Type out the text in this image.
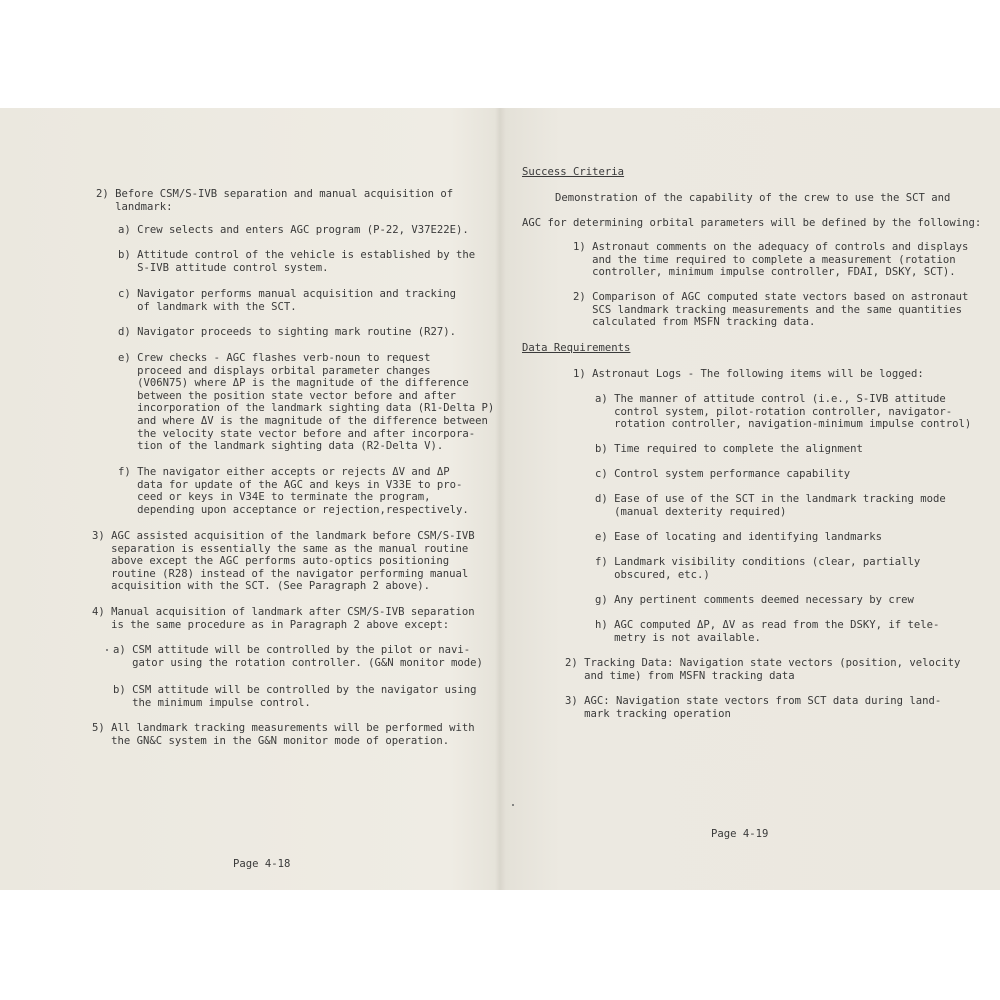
2) Before CSM/S-IVB separation and manual acquisition of
landmark:
a) Crew selects and enters AGC program (P-22, V37E22E).
b) Attitude control of the vehicle is established by the
S-IVB attitude control system.
c) Navigator performs manual acquisition and tracking
of landmark with the SCT.
d) Navigator proceeds to sighting mark routine (R27).
e) Crew checks - AGC flashes verb-noun to request
proceed and displays orbital parameter changes
(V06N75) where ΔP is the magnitude of the difference
between the position state vector before and after
incorporation of the landmark sighting data (R1-Delta P)
and where ΔV is the magnitude of the difference between
the velocity state vector before and after incorpora-
tion of the landmark sighting data (R2-Delta V).
f) The navigator either accepts or rejects ΔV and ΔP
data for update of the AGC and keys in V33E to pro-
ceed or keys in V34E to terminate the program,
depending upon acceptance or rejection,respectively.
3) AGC assisted acquisition of the landmark before CSM/S-IVB
separation is essentially the same as the manual routine
above except the AGC performs auto-optics positioning
routine (R28) instead of the navigator performing manual
acquisition with the SCT. (See Paragraph 2 above).
4) Manual acquisition of landmark after CSM/S-IVB separation
is the same procedure as in Paragraph 2 above except:
a) CSM attitude will be controlled by the pilot or navi-
gator using the rotation controller. (G&N monitor mode)
b) CSM attitude will be controlled by the navigator using
the minimum impulse control.
5) All landmark tracking measurements will be performed with
the GN&C system in the G&N monitor mode of operation.
Page 4-18
Success Criteria
Demonstration of the capability of the crew to use the SCT and
AGC for determining orbital parameters will be defined by the following:
1) Astronaut comments on the adequacy of controls and displays
and the time required to complete a measurement (rotation
controller, minimum impulse controller, FDAI, DSKY, SCT).
2) Comparison of AGC computed state vectors based on astronaut
SCS landmark tracking measurements and the same quantities
calculated from MSFN tracking data.
Data Requirements
1) Astronaut Logs - The following items will be logged:
a) The manner of attitude control (i.e., S-IVB attitude
control system, pilot-rotation controller, navigator-
rotation controller, navigation-minimum impulse control)
b) Time required to complete the alignment
c) Control system performance capability
d) Ease of use of the SCT in the landmark tracking mode
(manual dexterity required)
e) Ease of locating and identifying landmarks
f) Landmark visibility conditions (clear, partially
obscured, etc.)
g) Any pertinent comments deemed necessary by crew
h) AGC computed ΔP, ΔV as read from the DSKY, if tele-
metry is not available.
2) Tracking Data: Navigation state vectors (position, velocity
and time) from MSFN tracking data
3) AGC: Navigation state vectors from SCT data during land-
mark tracking operation
Page 4-19
